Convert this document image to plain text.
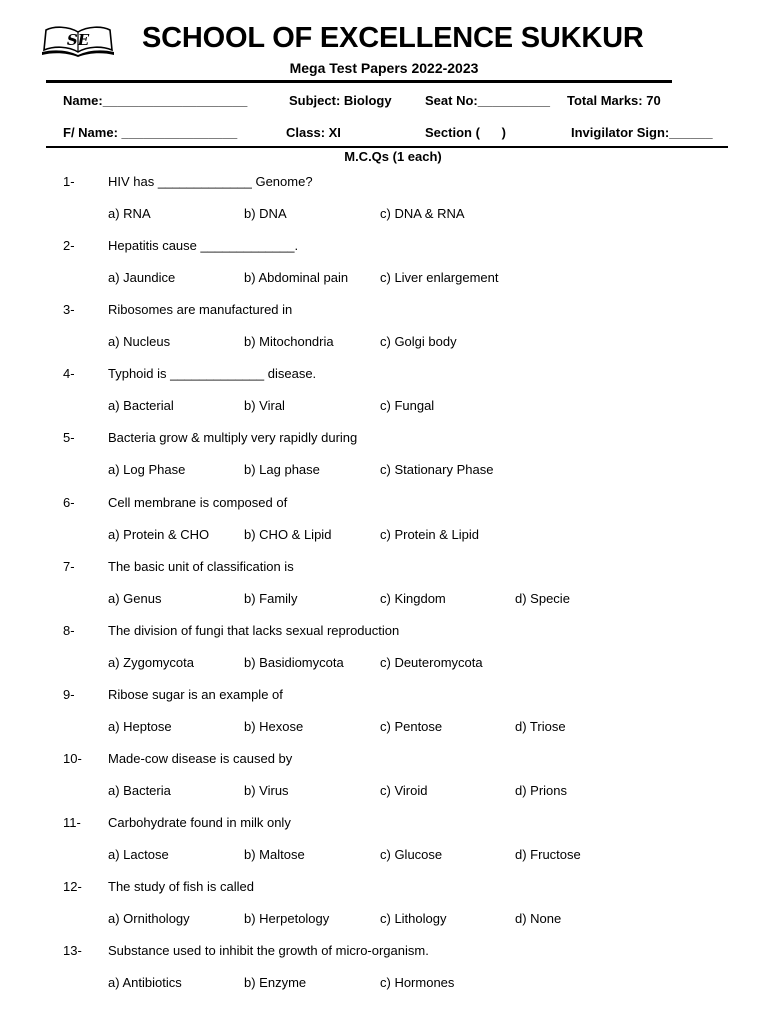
SE SCHOOL OF EXCELLENCE SUKKUR
Mega Test Papers 2022-2023
Name:____________________	Subject: Biology	Seat No:__________ Total Marks: 70
F/ Name: ________________	Class: XI	Section (      )	Invigilator Sign:______
M.C.Qs (1 each)
1-	HIV has _____________ Genome?
a) RNA	b) DNA	c) DNA & RNA
2-	Hepatitis cause _____________.
a) Jaundice	b) Abdominal pain c) Liver enlargement
3-	Ribosomes are manufactured in
a) Nucleus	b) Mitochondria	c) Golgi body
4-	Typhoid is _____________ disease.
a) Bacterial	b) Viral	c) Fungal
5-	Bacteria grow & multiply very rapidly during
a) Log Phase	b) Lag phase	c) Stationary Phase
6-	Cell membrane is composed of
a) Protein & CHO	b) CHO & Lipid	c) Protein & Lipid
7-	The basic unit of classification is
a) Genus	b) Family	c) Kingdom	d) Specie
8-	The division of fungi that lacks sexual reproduction
a) Zygomycota	b) Basidiomycota	c) Deuteromycota
9-	Ribose sugar is an example of
a) Heptose	b) Hexose	c) Pentose	d) Triose
10- Made-cow disease is caused by
a) Bacteria	b) Virus	c) Viroid	d) Prions
11- Carbohydrate found in milk only
a) Lactose	b) Maltose	c) Glucose	d) Fructose
12- The study of fish is called
a) Ornithology	b) Herpetology	c) Lithology	d) None
13- Substance used to inhibit the growth of micro-organism.
a) Antibiotics	b) Enzyme	c) Hormones
